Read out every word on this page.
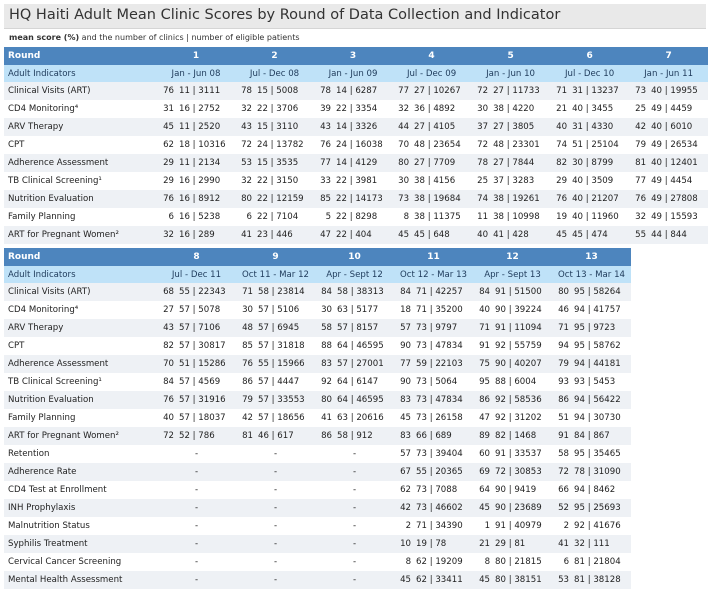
HQ Haiti Adult Mean Clinic Scores by Round of Data Collection and Indicator
mean score (%) and the number of clinics | number of eligible patients
Round	1		2		3		4		5		6		7	
Adult Indicators	Jan - Jun 08		Jul - Dec 08		Jan - Jun 09		Jul - Dec 09		Jan - Jun 10		Jul - Dec 10		Jan - Jun 11	
Clinical Visits (ART)	76	11 | 3111	78	15 | 5008	78	14 | 6287	77	27 | 10267	72	27 | 11733	71	31 | 13237	73	40 | 19955
CD4 Monitoring⁴	31	16 | 2752	32	22 | 3706	39	22 | 3354	32	36 | 4892	30	38 | 4220	21	40 | 3455	25	49 | 4459
ARV Therapy	45	11 | 2520	43	15 | 3110	43	14 | 3326	44	27 | 4105	37	27 | 3805	40	31 | 4330	42	40 | 6010
CPT	62	18 | 10316	72	24 | 13782	76	24 | 16038	70	48 | 23654	72	48 | 23301	74	51 | 25104	79	49 | 26534
Adherence Assessment	29	11 | 2134	53	15 | 3535	77	14 | 4129	80	27 | 7709	78	27 | 7844	82	30 | 8799	81	40 | 12401
TB Clinical Screening¹	29	16 | 2990	32	22 | 3150	33	22 | 3981	30	38 | 4156	25	37 | 3283	29	40 | 3509	77	49 | 4454
Nutrition Evaluation	76	16 | 8912	80	22 | 12159	85	22 | 14173	73	38 | 19684	74	38 | 19261	76	40 | 21207	76	49 | 27808
Family Planning	6	16 | 5238	6	22 | 7104	5	22 | 8298	8	38 | 11375	11	38 | 10998	19	40 | 11960	32	49 | 15593
ART for Pregnant Women²	32	16 | 289	41	23 | 446	47	22 | 404	45	45 | 648	40	41 | 428	45	45 | 474	55	44 | 844
Round	8		9		10		11		12		13	
Adult Indicators	Jul - Dec 11		Oct 11 - Mar 12		Apr - Sept 12		Oct 12 - Mar 13		Apr - Sept 13		Oct 13 - Mar 14	
Clinical Visits (ART)	68	55 | 22343	71	58 | 23814	84	58 | 38313	84	71 | 42257	84	91 | 51500	80	95 | 58264
CD4 Monitoring⁴	27	57 | 5078	30	57 | 5106	30	63 | 5177	18	71 | 35200	40	90 | 39224	46	94 | 41757
ARV Therapy	43	57 | 7106	48	57 | 6945	58	57 | 8157	57	73 | 9797	71	91 | 11094	71	95 | 9723
CPT	82	57 | 30817	85	57 | 31818	88	64 | 46595	90	73 | 47834	91	92 | 55759	94	95 | 58762
Adherence Assessment	70	51 | 15286	76	55 | 15966	83	57 | 27001	77	59 | 22103	75	90 | 40207	79	94 | 44181
TB Clinical Screening¹	84	57 | 4569	86	57 | 4447	92	64 | 6147	90	73 | 5064	95	88 | 6004	93	93 | 5453
Nutrition Evaluation	76	57 | 31916	79	57 | 33553	80	64 | 46595	83	73 | 47834	86	92 | 58536	86	94 | 56422
Family Planning	40	57 | 18037	42	57 | 18656	41	63 | 20616	45	73 | 26158	47	92 | 31202	51	94 | 30730
ART for Pregnant Women²	72	52 | 786	81	46 | 617	86	58 | 912	83	66 | 689	89	82 | 1468	91	84 | 867
Retention	-		-		-		57	73 | 39404	60	91 | 33537	58	95 | 35465
Adherence Rate	-		-		-		67	55 | 20365	69	72 | 30853	72	78 | 31090
CD4 Test at Enrollment	-		-		-		62	73 | 7088	64	90 | 9419	66	94 | 8462
INH Prophylaxis	-		-		-		42	73 | 46602	45	90 | 23689	52	95 | 25693
Malnutrition Status	-		-		-		2	71 | 34390	1	91 | 40979	2	92 | 41676
Syphilis Treatment	-		-		-		10	19 | 78	21	29 | 81	41	32 | 111
Cervical Cancer Screening	-		-		-		8	62 | 19209	8	80 | 21815	6	81 | 21804
Mental Health Assessment	-		-		-		45	62 | 33411	45	80 | 38151	53	81 | 38128
